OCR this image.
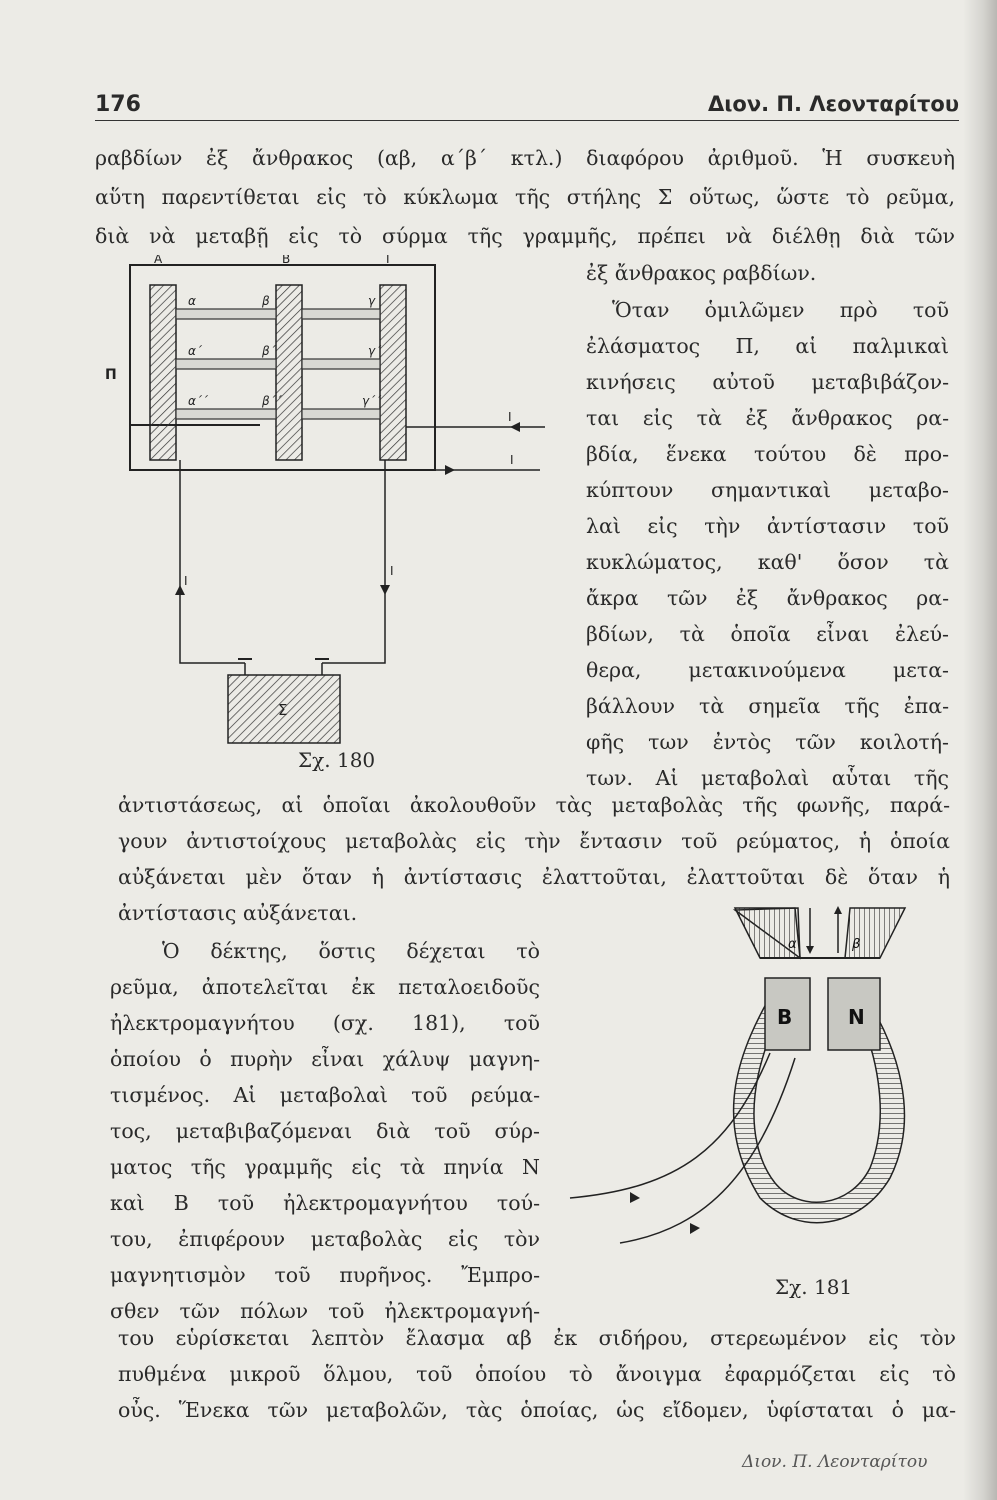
176	Διον. Π. Λεονταρίτου
ραβδίων ἐξ ἄνθρακος (αβ, α΄β΄ κτλ.) διαφόρου ἀριθμοῦ. Ἡ συσκευὴ
αὕτη παρεντίθεται εἰς τὸ κύκλωμα τῆς στήλης Σ οὕτως, ὥστε τὸ ρεῦμα,
διὰ νὰ μεταβῇ εἰς τὸ σύρμα τῆς γραμμῆς, πρέπει νὰ διέλθῃ διὰ τῶν
ἐξ ἄνθρακος ραβδίων.
Ὅταν ὁμιλῶμεν πρὸ τοῦ
ἐλάσματος Π, αἱ παλμικαὶ
κινήσεις αὐτοῦ μεταβιβάζον-
ται εἰς τὰ ἐξ ἄνθρακος ρα-
βδία, ἕνεκα τούτου δὲ προ-
κύπτουν σημαντικαὶ μεταβο-
λαὶ εἰς τὴν ἀντίστασιν τοῦ
κυκλώματος, καθ' ὅσον τὰ
ἄκρα τῶν ἐξ ἄνθρακος ρα-
βδίων, τὰ ὁποῖα εἶναι ἐλεύ-
θερα, μετακινούμενα μετα-
βάλλουν τὰ σημεῖα τῆς ἐπα-
φῆς των ἐντὸς τῶν κοιλοτή-
των. Αἱ μεταβολαὶ αὗται τῆς
A	B	Γ
Π
α	β	γ
α΄	β΄	γ΄
α΄΄	β΄΄	γ΄΄
I
I
I
I
Σ
Σχ. 180
ἀντιστάσεως, αἱ ὁποῖαι ἀκολουθοῦν τὰς μεταβολὰς τῆς φωνῆς, παρά-
γουν ἀντιστοίχους μεταβολὰς εἰς τὴν ἔντασιν τοῦ ρεύματος, ἡ ὁποία
αὐξάνεται μὲν ὅταν ἡ ἀντίστασις ἐλαττοῦται, ἐλαττοῦται δὲ ὅταν ἡ
ἀντίστασις αὐξάνεται.
Ὁ δέκτης, ὅστις δέχεται τὸ
ρεῦμα, ἀποτελεῖται ἐκ πεταλοειδοῦς
ἠλεκτρομαγνήτου (σχ. 181), τοῦ
ὁποίου ὁ πυρὴν εἶναι χάλυψ μαγνη-
τισμένος. Αἱ μεταβολαὶ τοῦ ρεύμα-
τος, μεταβιβαζόμεναι διὰ τοῦ σύρ-
ματος τῆς γραμμῆς εἰς τὰ πηνία Ν
καὶ Β τοῦ ἠλεκτρομαγνήτου τού-
του, ἐπιφέρουν μεταβολὰς εἰς τὸν
μαγνητισμὸν τοῦ πυρῆνος. Ἔμπρο-
σθεν τῶν πόλων τοῦ ἠλεκτρομαγνή-
Β	Ν
α	β
Σχ. 181
του εὑρίσκεται λεπτὸν ἔλασμα αβ ἐκ σιδήρου, στερεωμένον εἰς τὸν
πυθμένα μικροῦ ὅλμου, τοῦ ὁποίου τὸ ἄνοιγμα ἐφαρμόζεται εἰς τὸ
οὖς. Ἕνεκα τῶν μεταβολῶν, τὰς ὁποίας, ὡς εἴδομεν, ὑφίσταται ὁ μα-
Διον. Π. Λεονταρίτου
